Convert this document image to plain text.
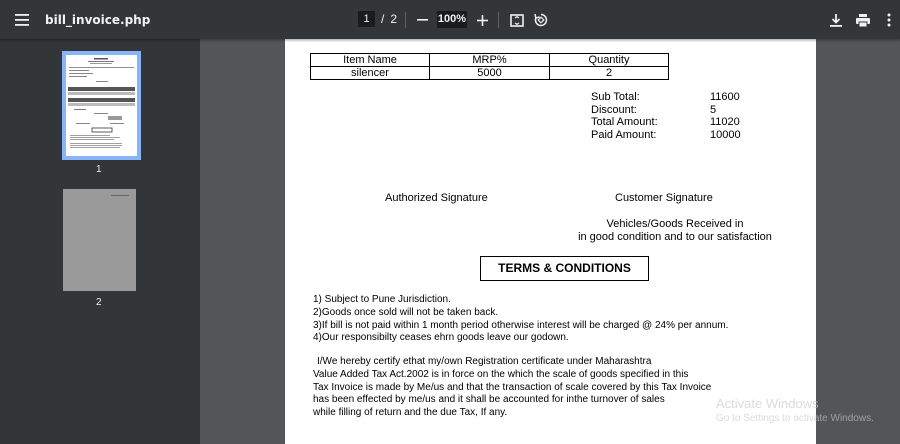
bill_invoice.php	1 / 2	100%
1
2
Item Name	MRP%	Quantity
silencer	5000	2
Sub Total:	11600
Discount:	5
Total Amount:	11020
Paid Amount:	10000
Authorized Signature	Customer Signature
Vehicles/Goods Received in
in good condition and to our satisfaction
TERMS & CONDITIONS
1) Subject to Pune Jurisdiction.
2)Goods once sold will not be taken back.
3)If bill is not paid within 1 month period otherwise interest will be charged @ 24% per annum.
4)Our responsibilty ceases ehrn goods leave our godown.
I/We hereby certify ethat my/own Registration certificate under Maharashtra
Value Added Tax Act.2002 is in force on the which the scale of goods specified in this
Tax Invoice is made by Me/us and that the transaction of scale covered by this Tax Invoice
has been effected by me/us and it shall be accounted for inthe turnover of sales
while filling of return and the due Tax, If any.
Activate Windows
Go to Settings to activate Windows.
